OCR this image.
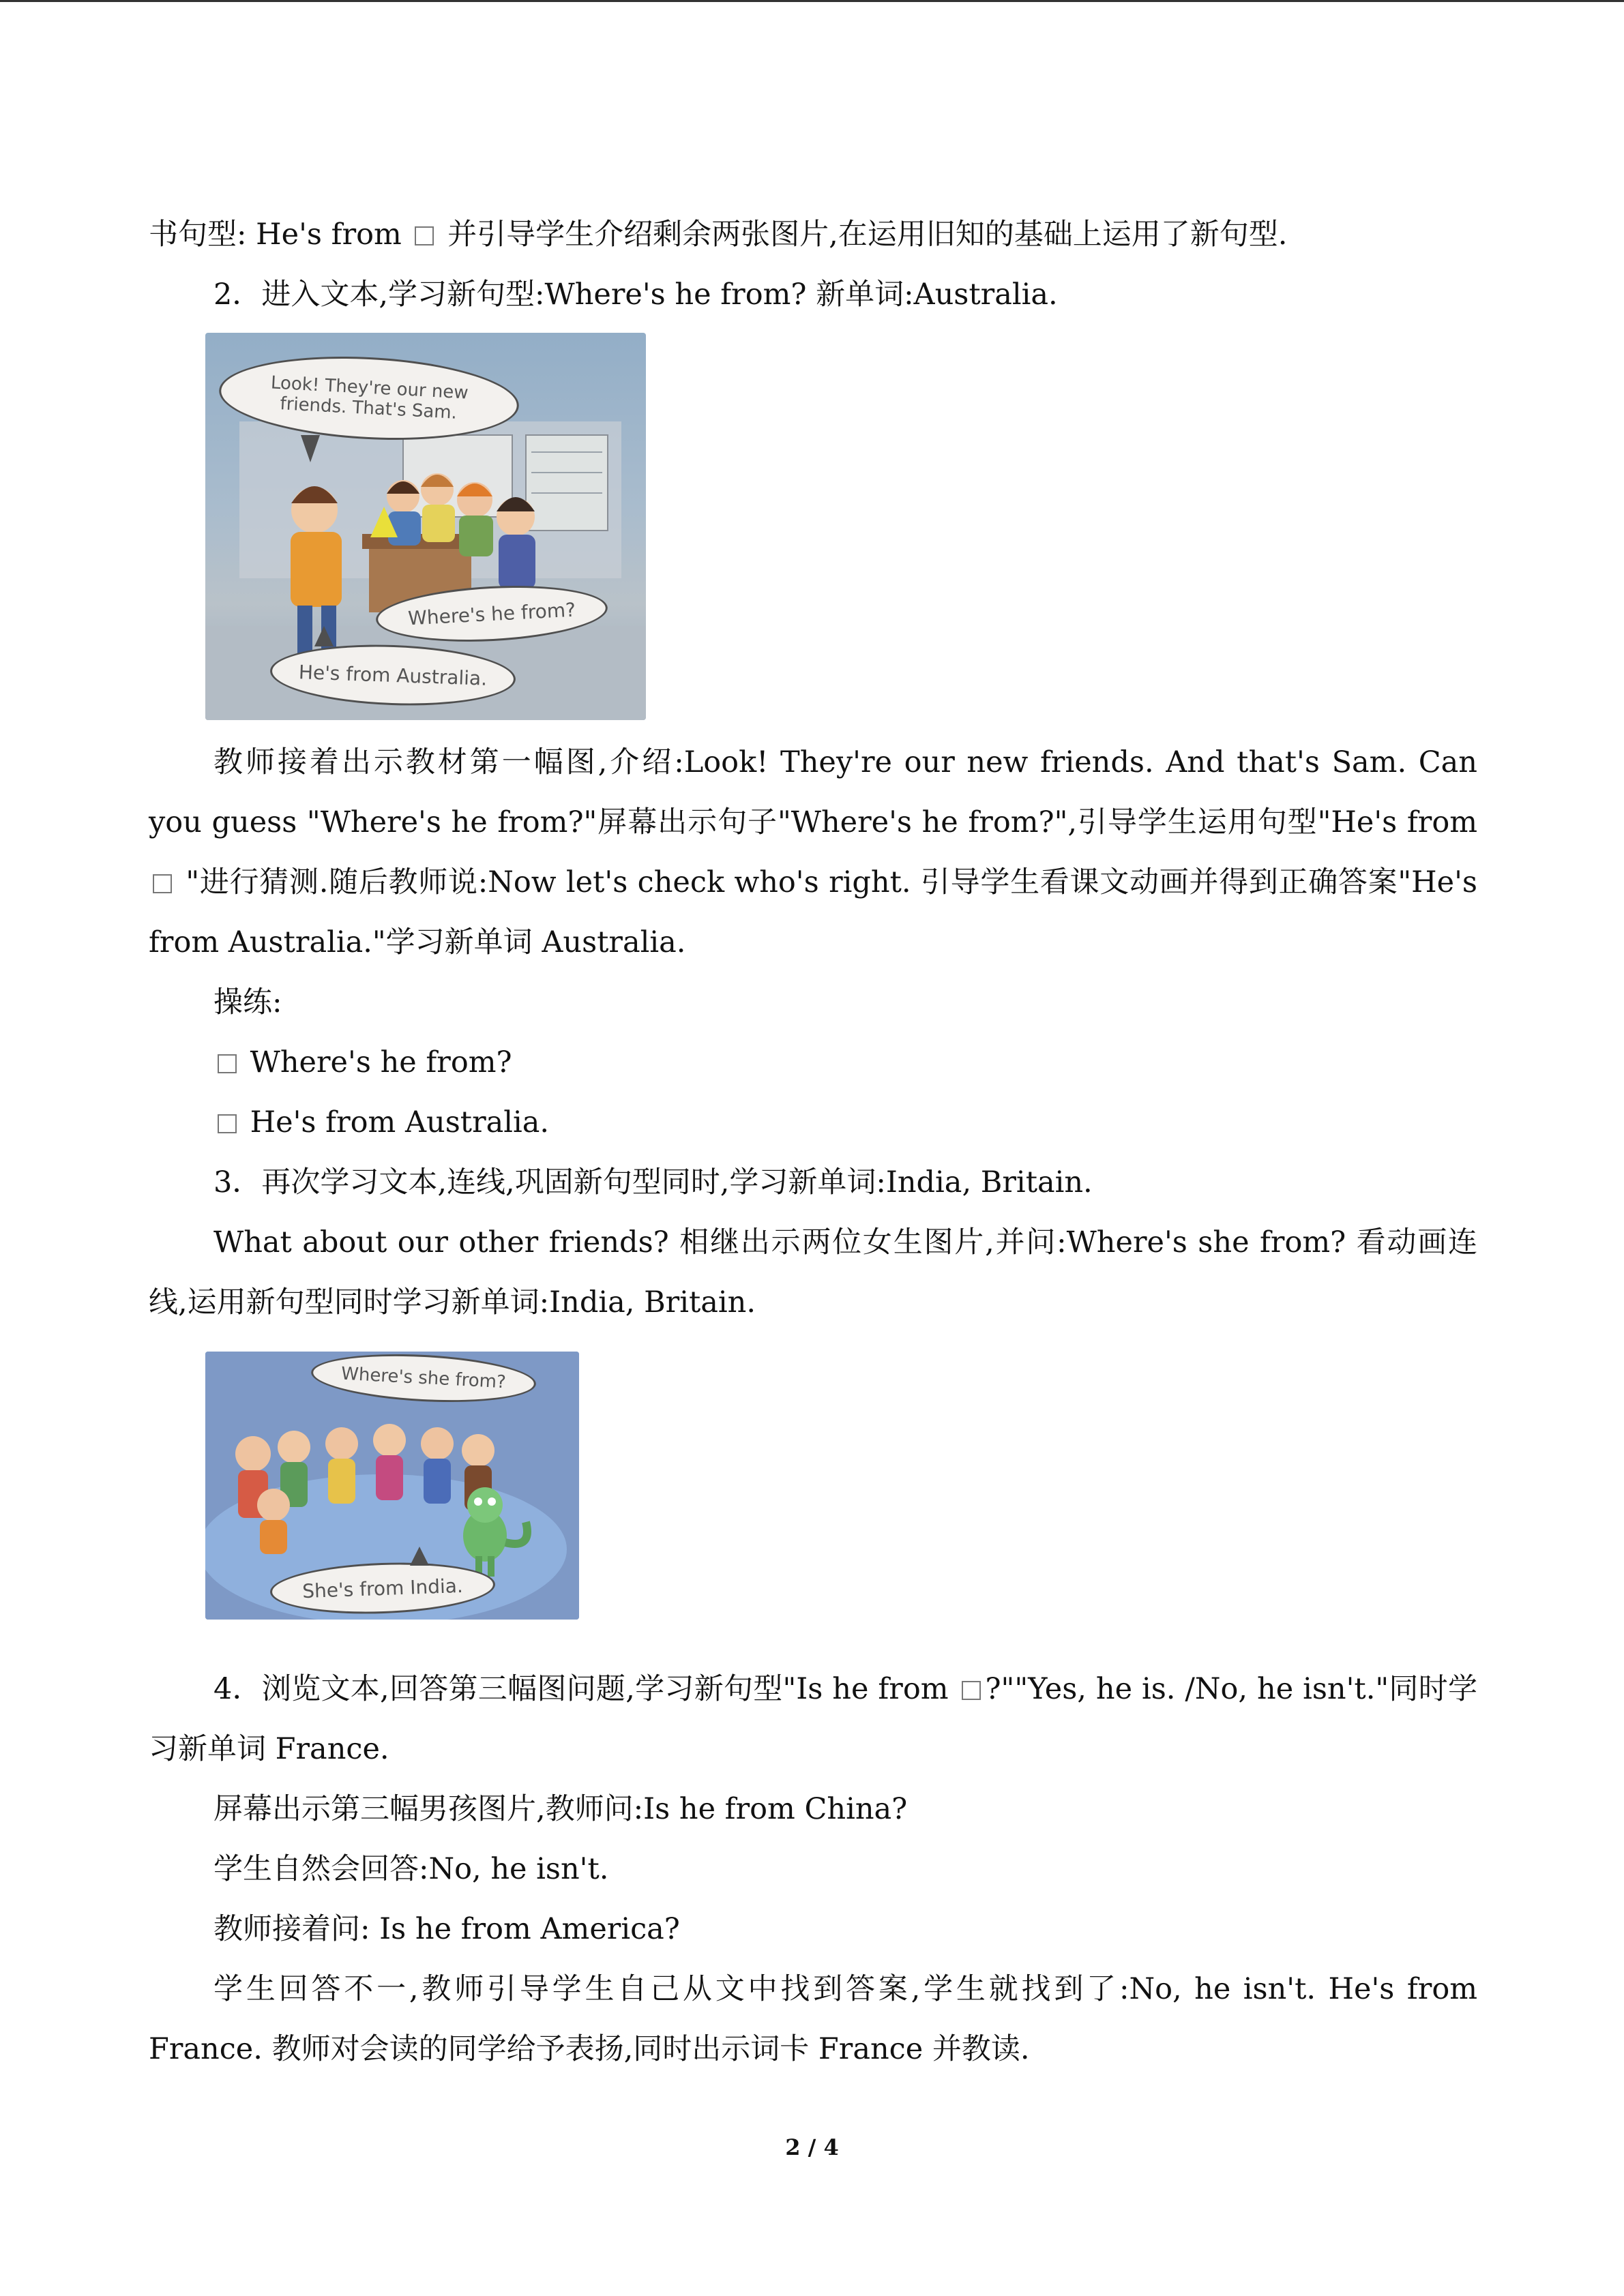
书句型: He's from  并引导学生介绍剩余两张图片,在运用旧知的基础上运用了新句型.

2．进入文本,学习新句型:Where's he from? 新单词:Australia.

Look! They're our new friends. That's Sam.
Where's he from?
He's from Australia.

教师接着出示教材第一幅图,介绍:Look! They're our new friends. And that's Sam. Can you guess "Where's he from?"屏幕出示句子"Where's he from?",引导学生运用句型"He's from  "进行猜测.随后教师说:Now let's check who's right. 引导学生看课文动画并得到正确答案"He's from Australia."学习新单词 Australia.

操练:

Where's he from?

He's from Australia.

3．再次学习文本,连线,巩固新句型同时,学习新单词:India, Britain.

What about our other friends? 相继出示两位女生图片,并问:Where's she from? 看动画连线,运用新句型同时学习新单词:India, Britain.

Where's she from?
She's from India.

4．浏览文本,回答第三幅图问题,学习新句型"Is he from ?""Yes, he is. /No, he isn't."同时学习新单词 France.

屏幕出示第三幅男孩图片,教师问:Is he from China?

学生自然会回答:No, he isn't.

教师接着问: Is he from America?

学生回答不一,教师引导学生自己从文中找到答案,学生就找到了:No, he isn't. He's from France. 教师对会读的同学给予表扬,同时出示词卡 France 并教读.

2 / 4
